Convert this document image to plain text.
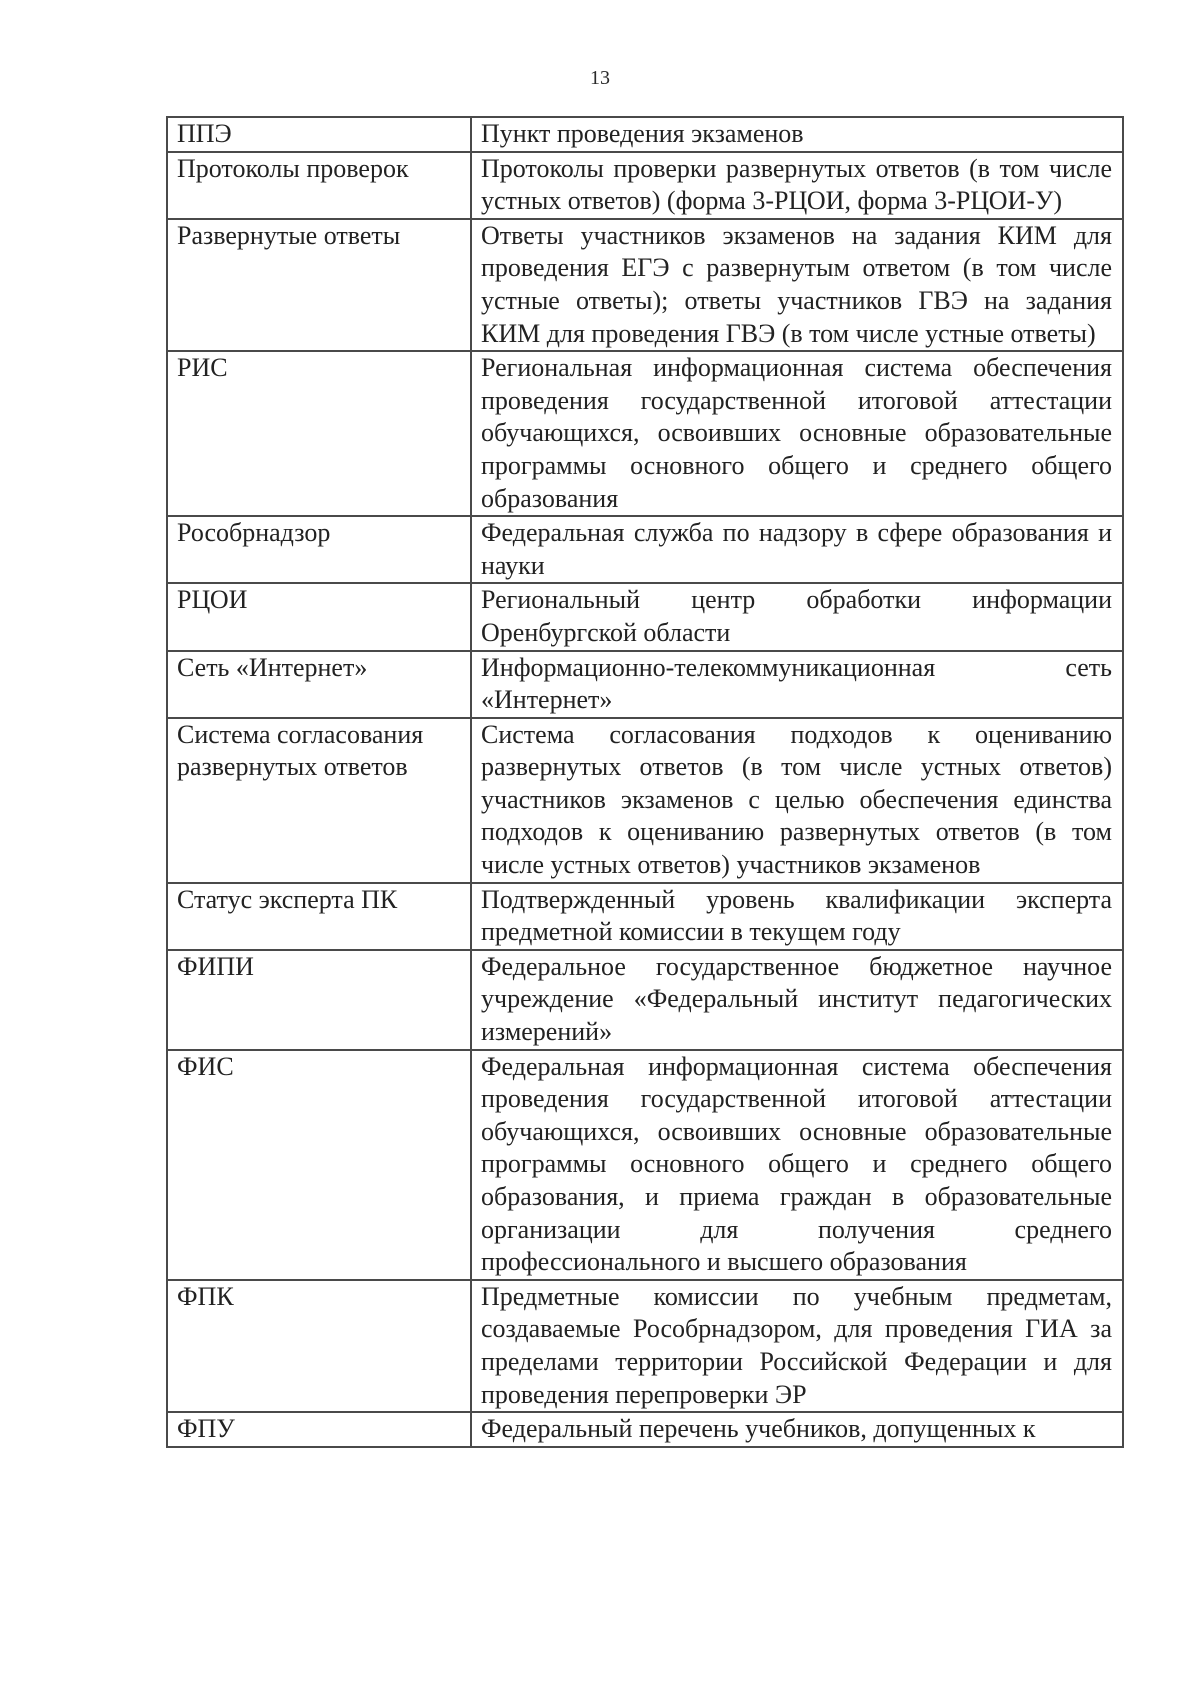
13
ППЭ	Пункт проведения экзаменов
Протоколы проверок	Протоколы проверки развернутых ответов (в том числе устных ответов) (форма 3-РЦОИ, форма 3-РЦОИ-У)
Развернутые ответы	Ответы участников экзаменов на задания КИМ для проведения ЕГЭ с развернутым ответом (в том числе устные ответы); ответы участников ГВЭ на задания КИМ для проведения ГВЭ (в том числе устные ответы)
РИС	Региональная информационная система обеспечения проведения государственной итоговой аттестации обучающихся, освоивших основные образовательные программы основного общего и среднего общего образования
Рособрнадзор	Федеральная служба по надзору в сфере образования и науки
РЦОИ	Региональный центр обработки информации Оренбургской области
Сеть «Интернет»	Информационно-телекоммуникационная сеть «Интернет»
Система согласования развернутых ответов	Система согласования подходов к оцениванию развернутых ответов (в том числе устных ответов) участников экзаменов с целью обеспечения единства подходов к оцениванию развернутых ответов (в том числе устных ответов) участников экзаменов
Статус эксперта ПК	Подтвержденный уровень квалификации эксперта предметной комиссии в текущем году
ФИПИ	Федеральное государственное бюджетное научное учреждение «Федеральный институт педагогических измерений»
ФИС	Федеральная информационная система обеспечения проведения государственной итоговой аттестации обучающихся, освоивших основные образовательные программы основного общего и среднего общего образования, и приема граждан в образовательные организации для получения среднего профессионального и высшего образования
ФПК	Предметные комиссии по учебным предметам, создаваемые Рособрнадзором, для проведения ГИА за пределами территории Российской Федерации и для проведения перепроверки ЭР
ФПУ	Федеральный перечень учебников, допущенных к
